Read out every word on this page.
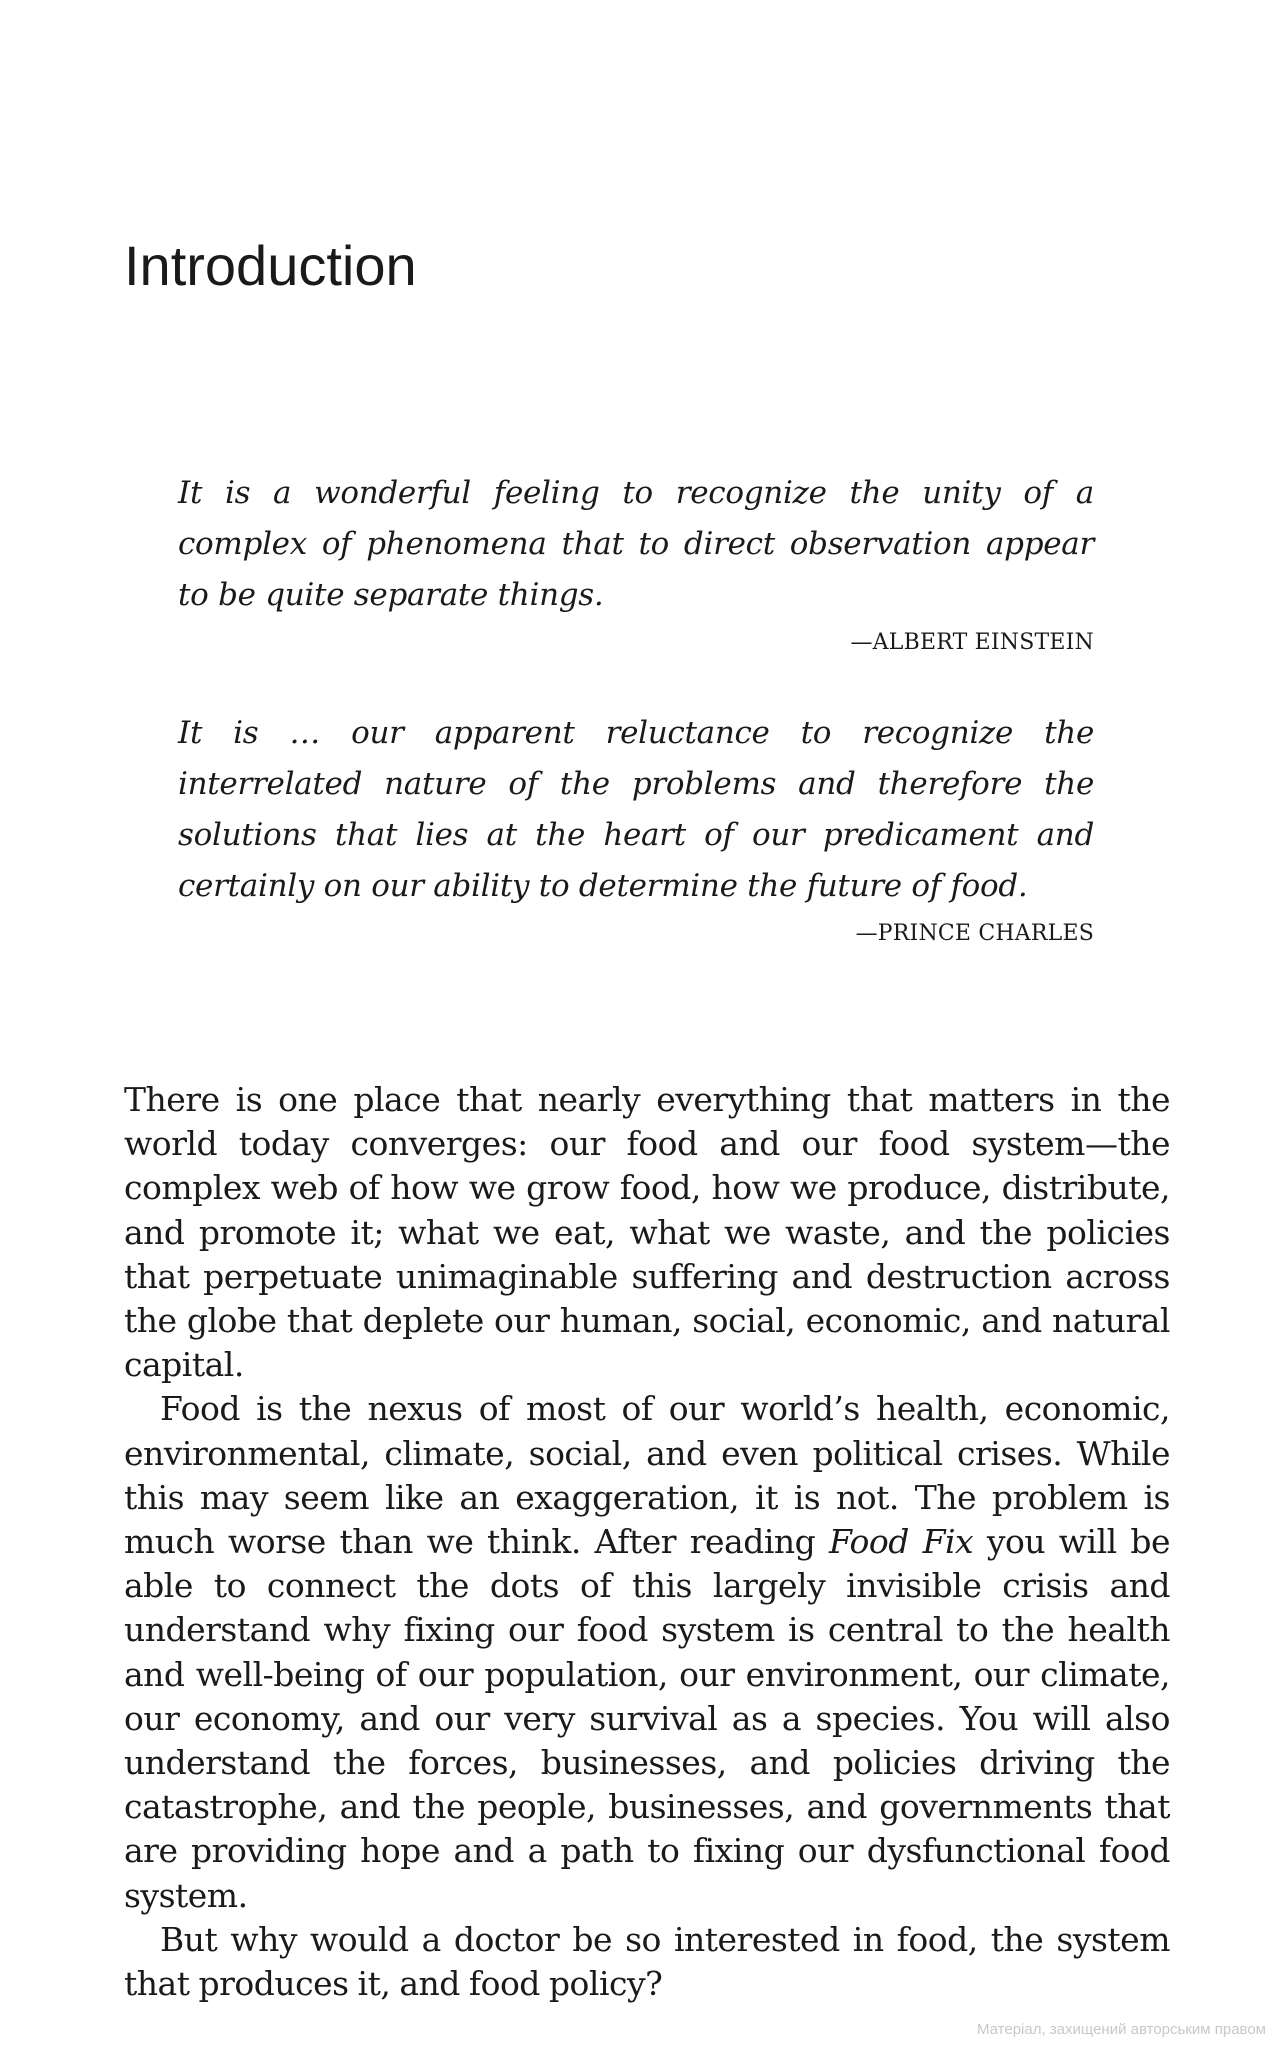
Introduction

It is a wonderful feeling to recognize the unity of a complex of phenomena that to direct observation appear to be quite separate things.

—ALBERT EINSTEIN

It is … our apparent reluctance to recognize the interrelated nature of the problems and therefore the solutions that lies at the heart of our predicament and certainly on our ability to determine the future of food.

—PRINCE CHARLES

There is one place that nearly everything that matters in the world today converges: our food and our food system—the complex web of how we grow food, how we produce, distribute, and promote it; what we eat, what we waste, and the policies that perpetuate unimaginable suffering and destruction across the globe that deplete our human, social, economic, and natural capital.

Food is the nexus of most of our world’s health, economic, environmental, climate, social, and even political crises. While this may seem like an exaggeration, it is not. The problem is much worse than we think. After reading Food Fix you will be able to connect the dots of this largely invisible crisis and understand why fixing our food system is central to the health and well-being of our population, our environment, our climate, our economy, and our very survival as a species. You will also understand the forces, businesses, and policies driving the catastrophe, and the people, businesses, and governments that are providing hope and a path to fixing our dysfunctional food system.

But why would a doctor be so interested in food, the system that produces it, and food policy?

Матеріал, захищений авторським правом
